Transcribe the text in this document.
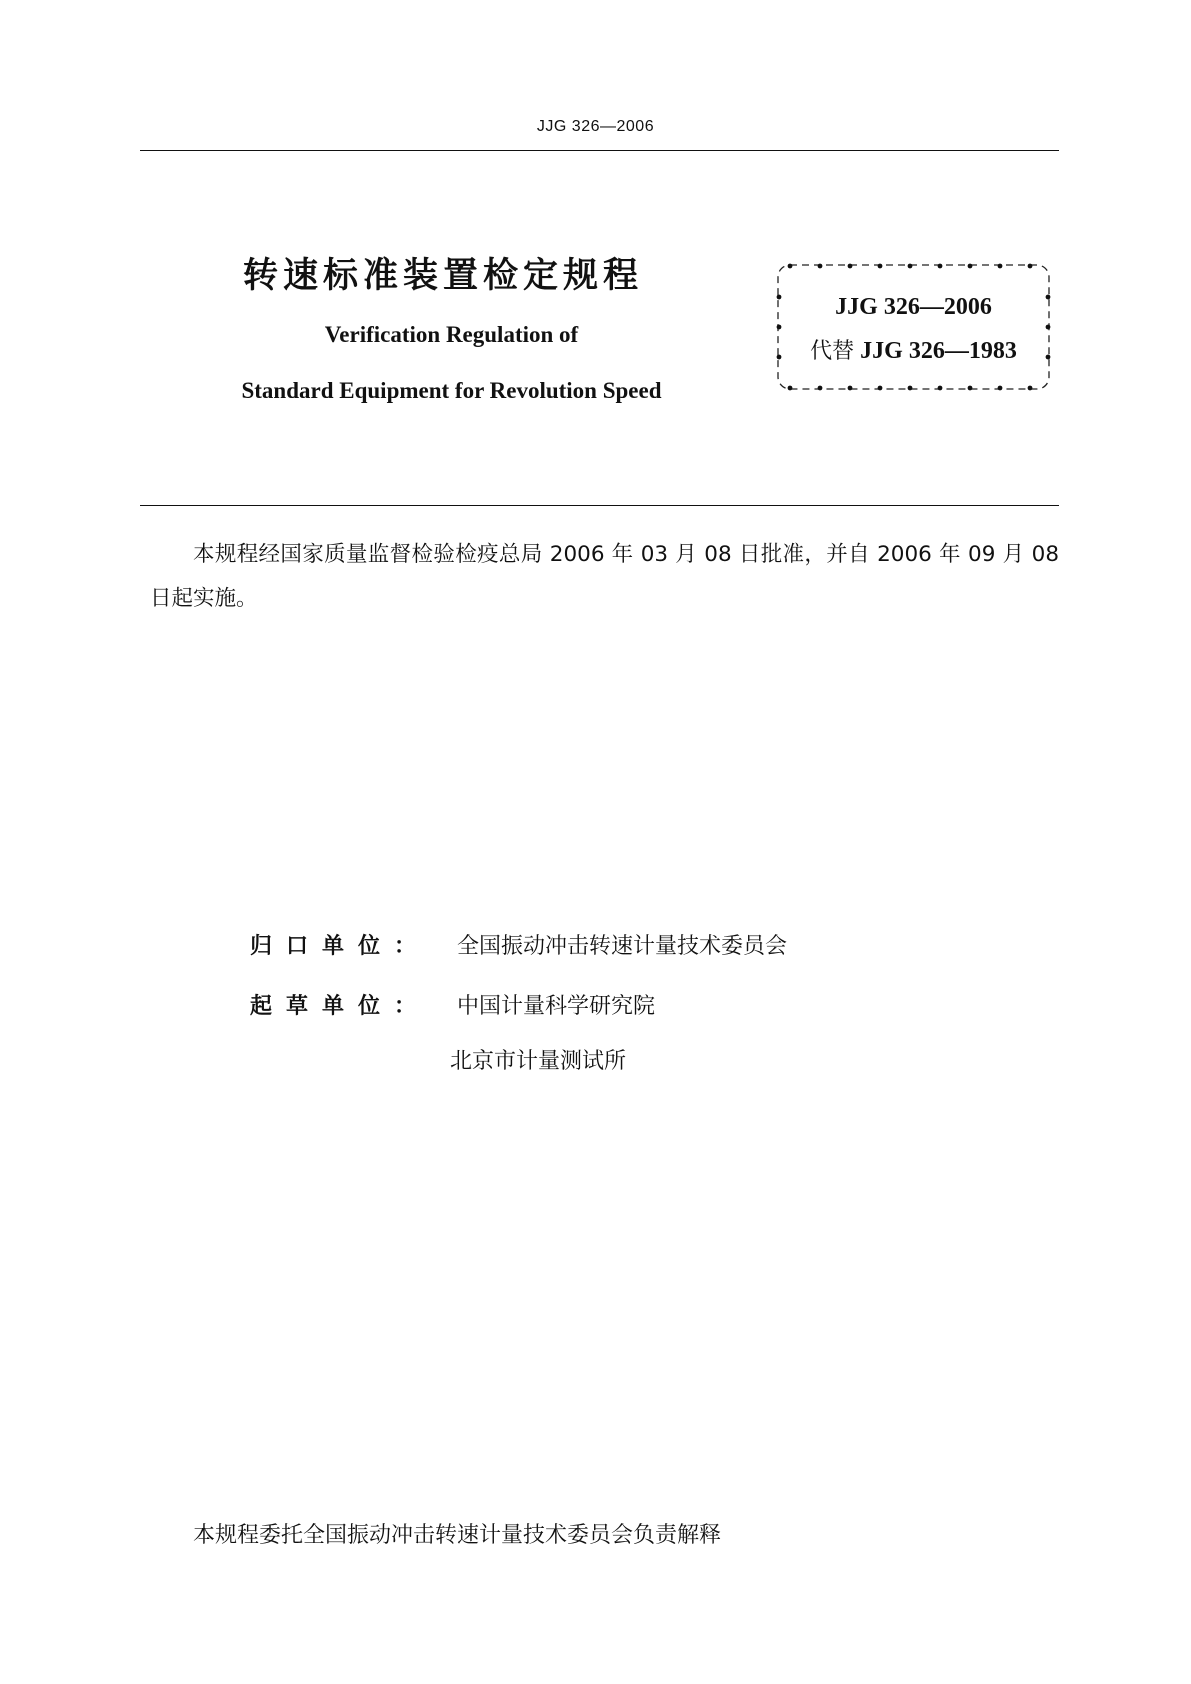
JJG 326—2006
转速标准装置检定规程
Verification Regulation of
Standard Equipment for Revolution Speed
JJG 326—2006
代替 JJG 326—1983
本规程经国家质量监督检验检疫总局 2006 年 03 月 08 日批准，并自 2006 年 09 月 08 日起实施。
归口单位： 全国振动冲击转速计量技术委员会
起草单位： 中国计量科学研究院
北京市计量测试所
本规程委托全国振动冲击转速计量技术委员会负责解释
